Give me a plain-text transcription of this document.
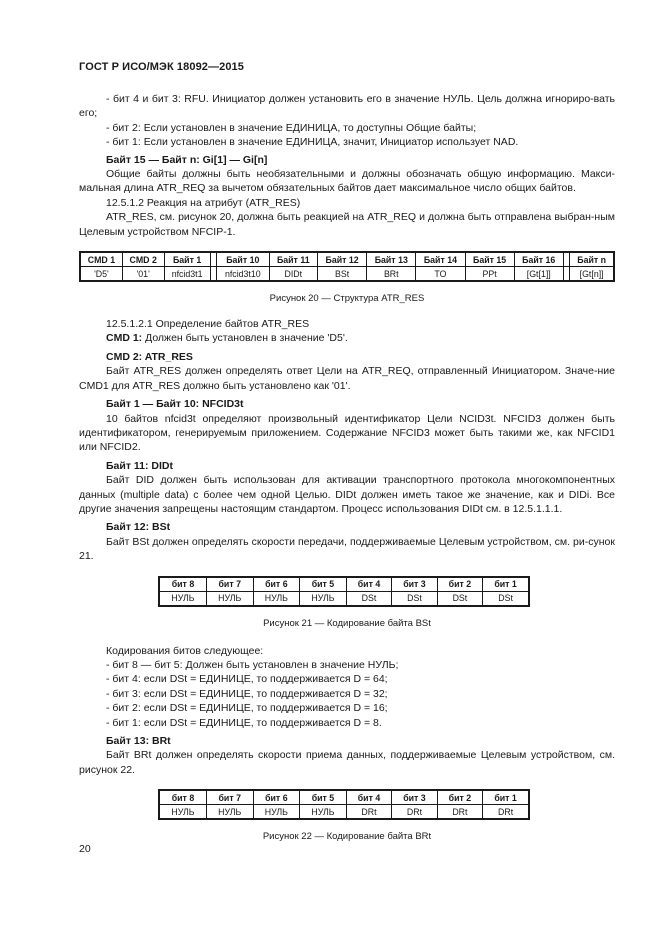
ГОСТ Р ИСО/МЭК 18092—2015

- бит 4 и бит 3: RFU. Инициатор должен установить его в значение НУЛЬ. Цель должна игнориро-вать его;

- бит 2: Если установлен в значение ЕДИНИЦА, то доступны Общие байты;

- бит 1: Если установлен в значение ЕДИНИЦА, значит, Инициатор использует NAD.

Байт 15 — Байт n: Gi[1] — Gi[n]

Общие байты должны быть необязательными и должны обозначать общую информацию. Макси-мальная длина ATR_REQ за вычетом обязательных байтов дает максимальное число общих байтов.

12.5.1.2 Реакция на атрибут (ATR_RES)

ATR_RES, см. рисунок 20, должна быть реакцией на ATR_REQ и должна быть отправлена выбран-ным Целевым устройством NFCIP-1.

CMD 1	CMD 2	Байт 1		Байт 10	Байт 11	Байт 12	Байт 13	Байт 14	Байт 15	Байт 16		Байт n
'D5'	'01'	nfcid3t1		nfcid3t10	DIDt	BSt	BRt	TO	PPt	[Gt[1]]		[Gt[n]]
Рисунок 20 — Структура ATR_RES

12.5.1.2.1 Определение байтов ATR_RES

CMD 1: Должен быть установлен в значение 'D5'.

CMD 2: ATR_RES

Байт ATR_RES должен определять ответ Цели на ATR_REQ, отправленный Инициатором. Значе-ние CMD1 для ATR_RES должно быть установлено как '01'.

Байт 1 — Байт 10: NFCID3t

10 байтов nfcid3t определяют произвольный идентификатор Цели NCID3t. NFCID3 должен быть идентификатором, генерируемым приложением. Содержание NFCID3 может быть такими же, как NFCID1 или NFCID2.

Байт 11: DIDt

Байт DID должен быть использован для активации транспортного протокола многокомпонентных данных (multiple data) с более чем одной Целью. DIDt должен иметь такое же значение, как и DIDi. Все другие значения запрещены настоящим стандартом. Процесс использования DIDt см. в 12.5.1.1.1.

Байт 12: BSt

Байт BSt должен определять скорости передачи, поддерживаемые Целевым устройством, см. ри-сунок 21.

бит 8	бит 7	бит 6	бит 5	бит 4	бит 3	бит 2	бит 1
НУЛЬ	НУЛЬ	НУЛЬ	НУЛЬ	DSt	DSt	DSt	DSt
Рисунок 21 — Кодирование байта BSt

Кодирования битов следующее:

- бит 8 — бит 5: Должен быть установлен в значение НУЛЬ;

- бит 4: если DSt = ЕДИНИЦЕ, то поддерживается D = 64;

- бит 3: если DSt = ЕДИНИЦЕ, то поддерживается D = 32;

- бит 2: если DSt = ЕДИНИЦЕ, то поддерживается D = 16;

- бит 1: если DSt = ЕДИНИЦЕ, то поддерживается D = 8.

Байт 13: BRt

Байт BRt должен определять скорости приема данных, поддерживаемые Целевым устройством, см. рисунок 22.

бит 8	бит 7	бит 6	бит 5	бит 4	бит 3	бит 2	бит 1
НУЛЬ	НУЛЬ	НУЛЬ	НУЛЬ	DRt	DRt	DRt	DRt
Рисунок 22 — Кодирование байта BRt
20
